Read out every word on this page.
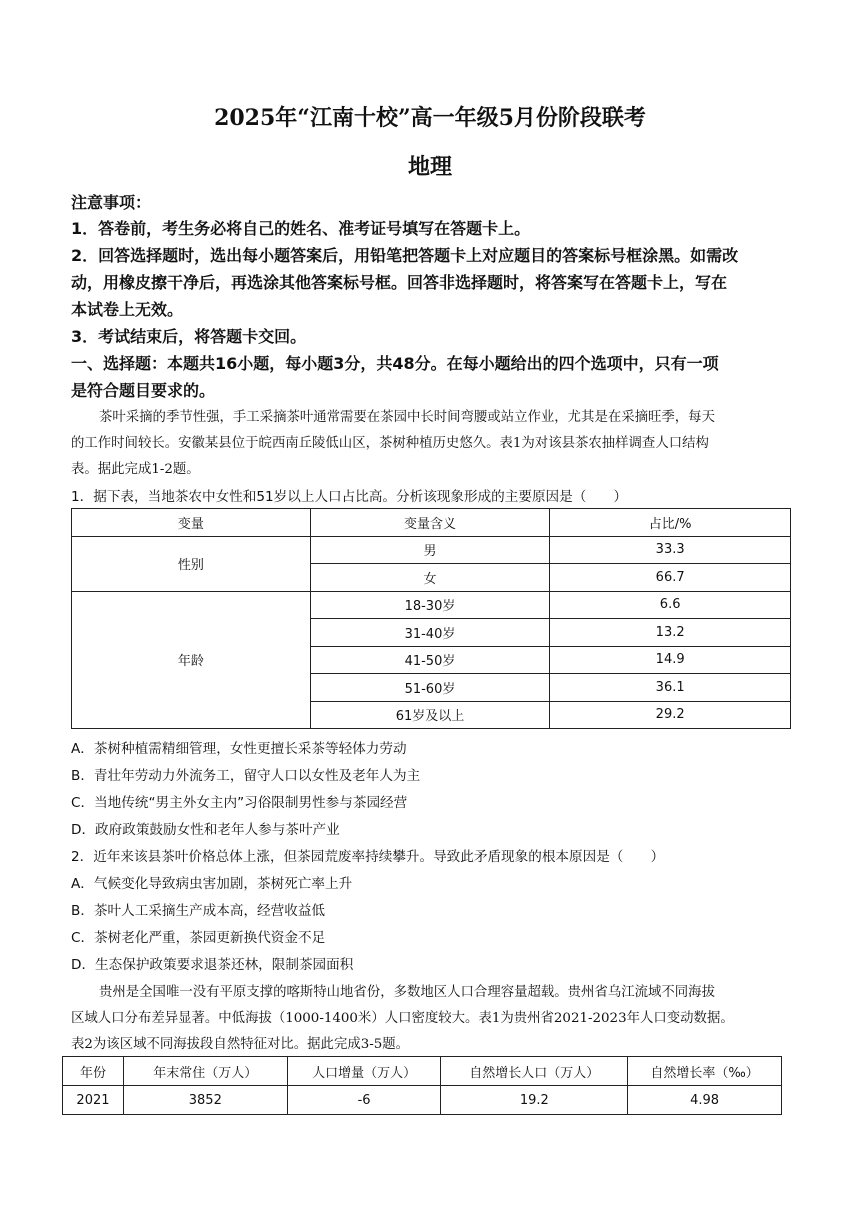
2025年“江南十校”高一年级5月份阶段联考
地理
注意事项：
1．答卷前，考生务必将自己的姓名、准考证号填写在答题卡上。
2．回答选择题时，选出每小题答案后，用铅笔把答题卡上对应题目的答案标号框涂黑。如需改
动，用橡皮擦干净后，再选涂其他答案标号框。回答非选择题时，将答案写在答题卡上，写在
本试卷上无效。
3．考试结束后，将答题卡交回。
一、选择题：本题共16小题，每小题3分，共48分。在每小题给出的四个选项中，只有一项
是符合题目要求的。
茶叶采摘的季节性强，手工采摘茶叶通常需要在茶园中长时间弯腰或站立作业，尤其是在采摘旺季，每天
的工作时间较长。安徽某县位于皖西南丘陵低山区，茶树种植历史悠久。表1为对该县茶农抽样调查人口结构
表。据此完成1-2题。
1．据下表，当地茶农中女性和51岁以上人口占比高。分析该现象形成的主要原因是（　　）
变量	变量含义	占比/%
性别	男	33.3
	女	66.7
年龄	18-30岁	6.6
	31-40岁	13.2
	41-50岁	14.9
	51-60岁	36.1
	61岁及以上	29.2
A．茶树种植需精细管理，女性更擅长采茶等轻体力劳动
B．青壮年劳动力外流务工，留守人口以女性及老年人为主
C．当地传统“男主外女主内”习俗限制男性参与茶园经营
D．政府政策鼓励女性和老年人参与茶叶产业
2．近年来该县茶叶价格总体上涨，但茶园荒废率持续攀升。导致此矛盾现象的根本原因是（　　）
A．气候变化导致病虫害加剧，茶树死亡率上升
B．茶叶人工采摘生产成本高，经营收益低
C．茶树老化严重，茶园更新换代资金不足
D．生态保护政策要求退茶还林，限制茶园面积
贵州是全国唯一没有平原支撑的喀斯特山地省份，多数地区人口合理容量超载。贵州省乌江流域不同海拔
区域人口分布差异显著。中低海拔（1000-1400米）人口密度较大。表1为贵州省2021-2023年人口变动数据。
表2为该区域不同海拔段自然特征对比。据此完成3-5题。
年份	年末常住（万人）	人口增量（万人）	自然增长人口（万人）	自然增长率（‰）
2021	3852	-6	19.2	4.98
